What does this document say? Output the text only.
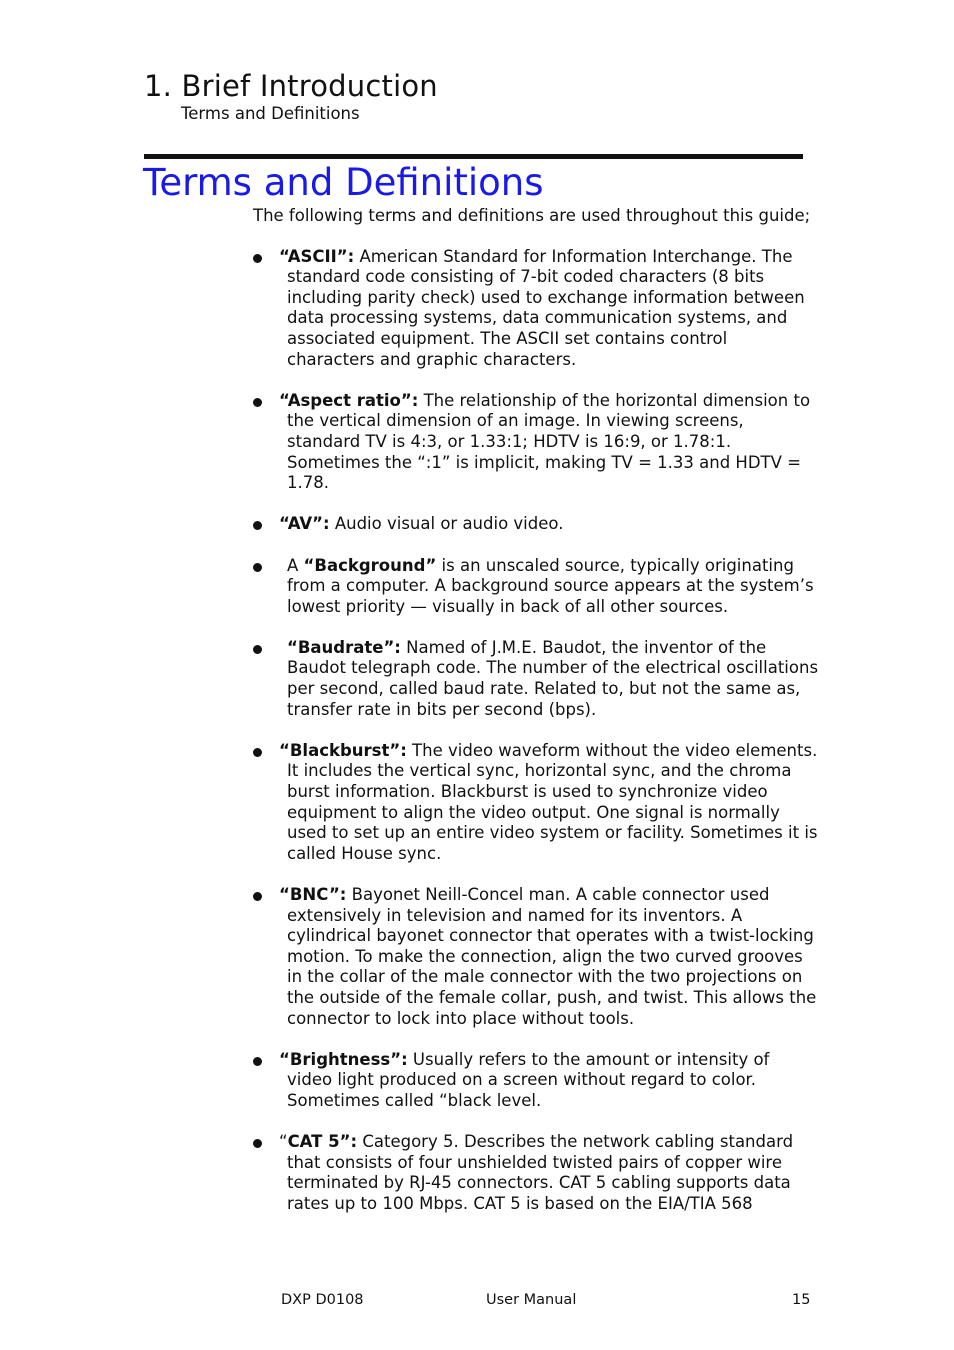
1. Brief Introduction
Terms and Definitions
Terms and Definitions

The following terms and definitions are used throughout this guide;

“ASCII”: American Standard for Information Interchange. The standard code consisting of 7-bit coded characters (8 bits including parity check) used to exchange information between data processing systems, data communication systems, and associated equipment. The ASCII set contains control characters and graphic characters.
“Aspect ratio”: The relationship of the horizontal dimension to the vertical dimension of an image. In viewing screens, standard TV is 4:3, or 1.33:1; HDTV is 16:9, or 1.78:1. Sometimes the “:1” is implicit, making TV = 1.33 and HDTV = 1.78.
“AV”: Audio visual or audio video.
A “Background” is an unscaled source, typically originating from a computer. A background source appears at the system’s lowest priority — visually in back of all other sources.
“Baudrate”: Named of J.M.E. Baudot, the inventor of the Baudot telegraph code. The number of the electrical oscillations per second, called baud rate. Related to, but not the same as, transfer rate in bits per second (bps).
“Blackburst”: The video waveform without the video elements. It includes the vertical sync, horizontal sync, and the chroma burst information. Blackburst is used to synchronize video equipment to align the video output. One signal is normally used to set up an entire video system or facility. Sometimes it is called House sync.
“BNC”: Bayonet Neill-Concel man. A cable connector used extensively in television and named for its inventors. A cylindrical bayonet connector that operates with a twist-locking motion. To make the connection, align the two curved grooves in the collar of the male connector with the two projections on the outside of the female collar, push, and twist. This allows the connector to lock into place without tools.
“Brightness”: Usually refers to the amount or intensity of video light produced on a screen without regard to color. Sometimes called “black level.
“CAT 5”: Category 5. Describes the network cabling standard that consists of four unshielded twisted pairs of copper wire terminated by RJ-45 connectors. CAT 5 cabling supports data rates up to 100 Mbps. CAT 5 is based on the EIA/TIA 568
DXP D0108	User Manual	15
